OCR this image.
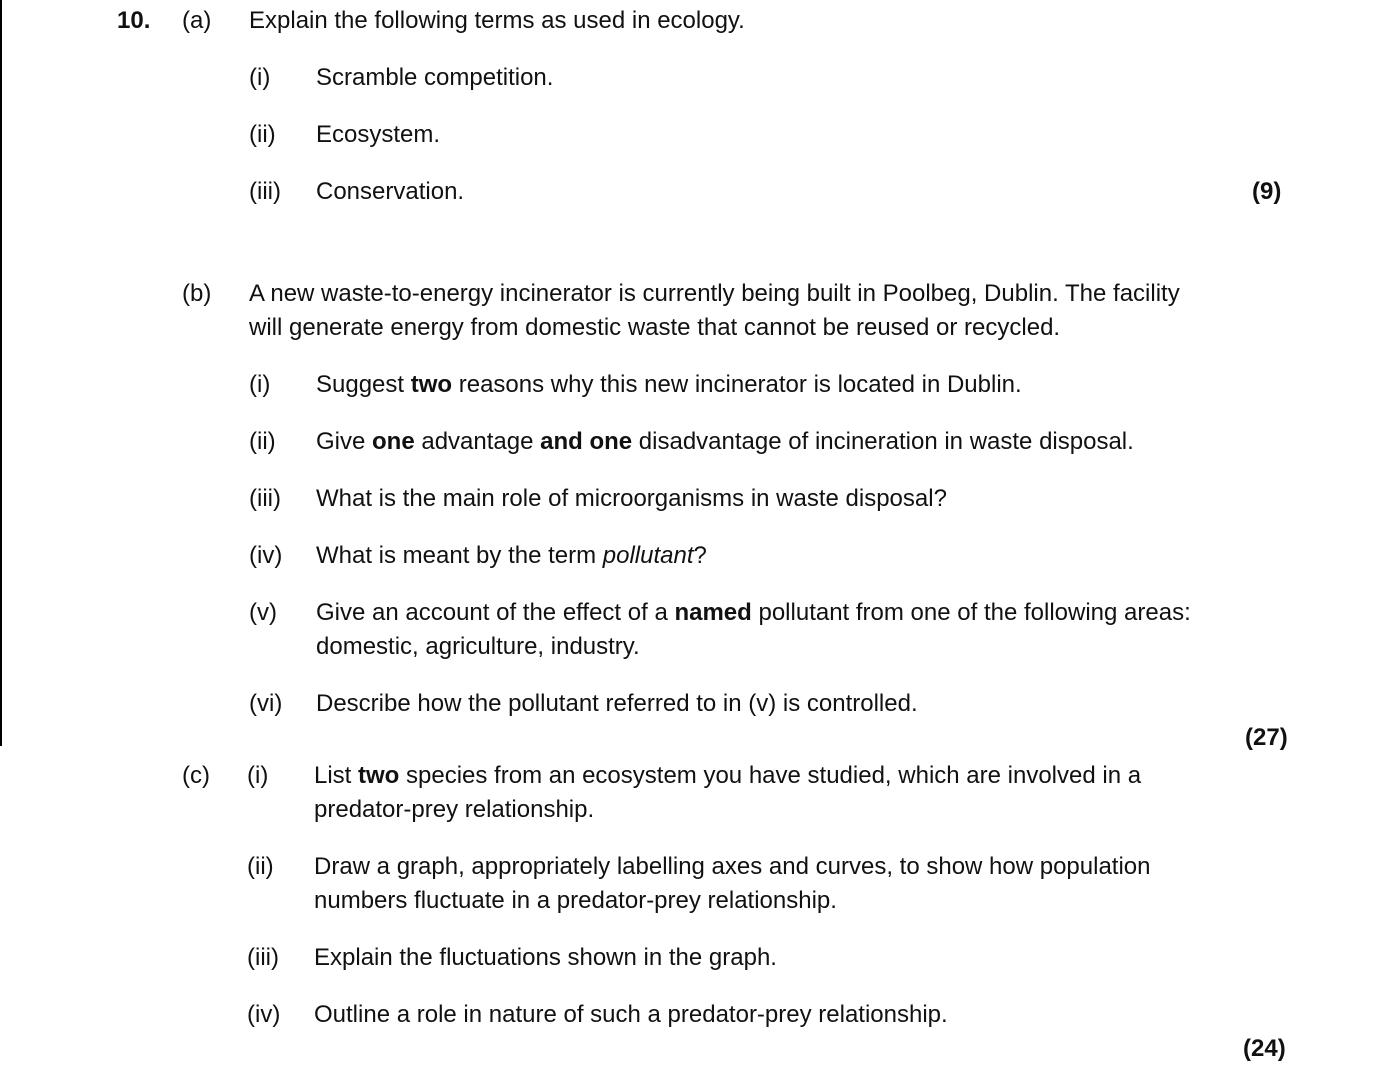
10. (a) Explain the following terms as used in ecology.
(i) Scramble competition.
(ii) Ecosystem.
(iii) Conservation.	(9)
(b) A new waste-to-energy incinerator is currently being built in Poolbeg, Dublin. The facility
will generate energy from domestic waste that cannot be reused or recycled.
(i) Suggest two reasons why this new incinerator is located in Dublin.
(ii) Give one advantage and one disadvantage of incineration in waste disposal.
(iii) What is the main role of microorganisms in waste disposal?
(iv) What is meant by the term pollutant?
(v) Give an account of the effect of a named pollutant from one of the following areas:
domestic, agriculture, industry.
(vi) Describe how the pollutant referred to in (v) is controlled.
(27)
(c) (i) List two species from an ecosystem you have studied, which are involved in a
predator-prey relationship.
(ii) Draw a graph, appropriately labelling axes and curves, to show how population
numbers fluctuate in a predator-prey relationship.
(iii) Explain the fluctuations shown in the graph.
(iv) Outline a role in nature of such a predator-prey relationship.
(24)
